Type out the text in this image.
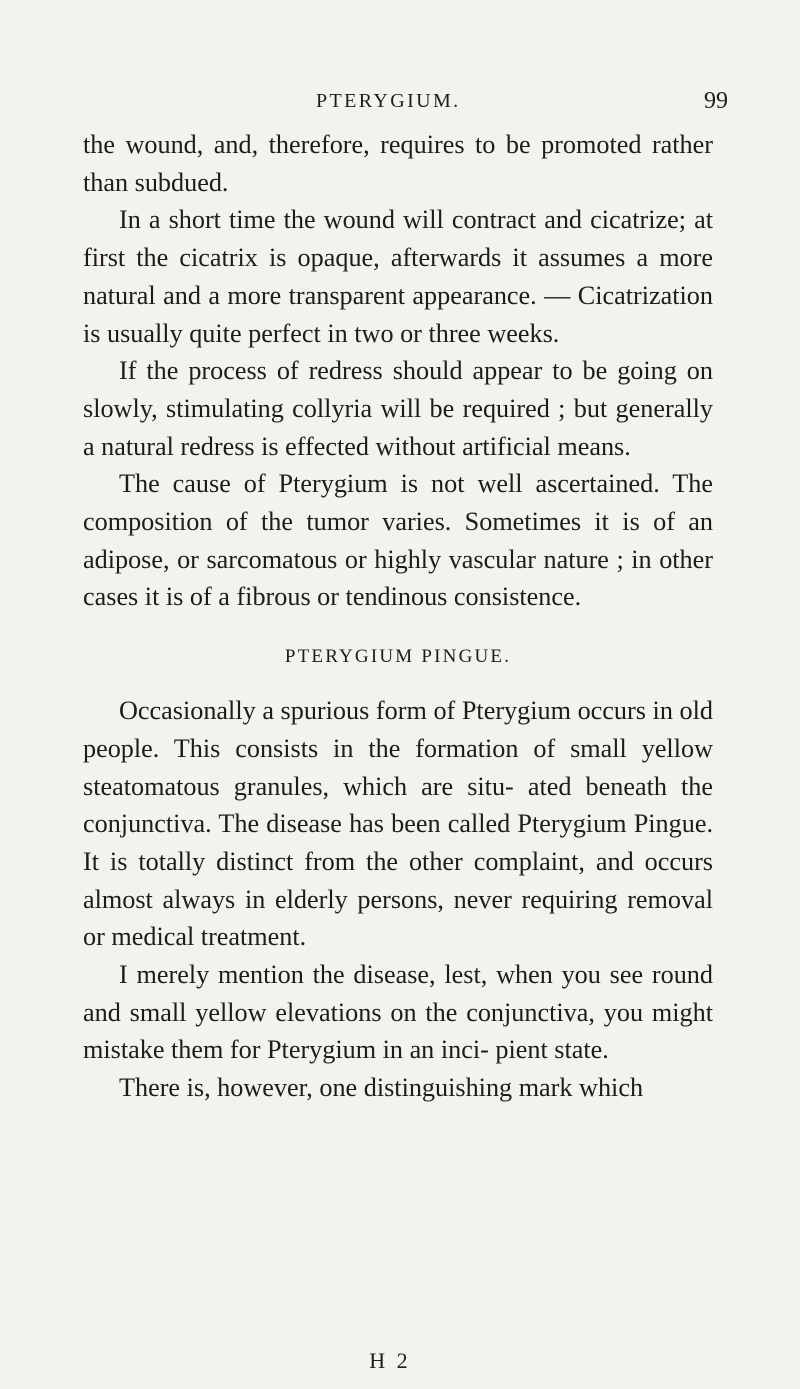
PTERYGIUM.	99

the wound, and, therefore, requires to be promoted rather than subdued.

In a short time the wound will contract and cicatrize; at first the cicatrix is opaque, afterwards it assumes a more natural and a more transparent appearance. — Cicatrization is usually quite perfect in two or three weeks.

If the process of redress should appear to be going on slowly, stimulating collyria will be required ; but generally a natural redress is effected without artificial means.

The cause of Pterygium is not well ascertained. The composition of the tumor varies. Sometimes it is of an adipose, or sarcomatous or highly vascular nature ; in other cases it is of a fibrous or tendinous consistence.

PTERYGIUM PINGUE.

Occasionally a spurious form of Pterygium occurs in old people. This consists in the formation of small yellow steatomatous granules, which are situ- ated beneath the conjunctiva. The disease has been called Pterygium Pingue. It is totally distinct from the other complaint, and occurs almost always in elderly persons, never requiring removal or medical treatment.

I merely mention the disease, lest, when you see round and small yellow elevations on the conjunctiva, you might mistake them for Pterygium in an inci- pient state.

There is, however, one distinguishing mark which

H 2
